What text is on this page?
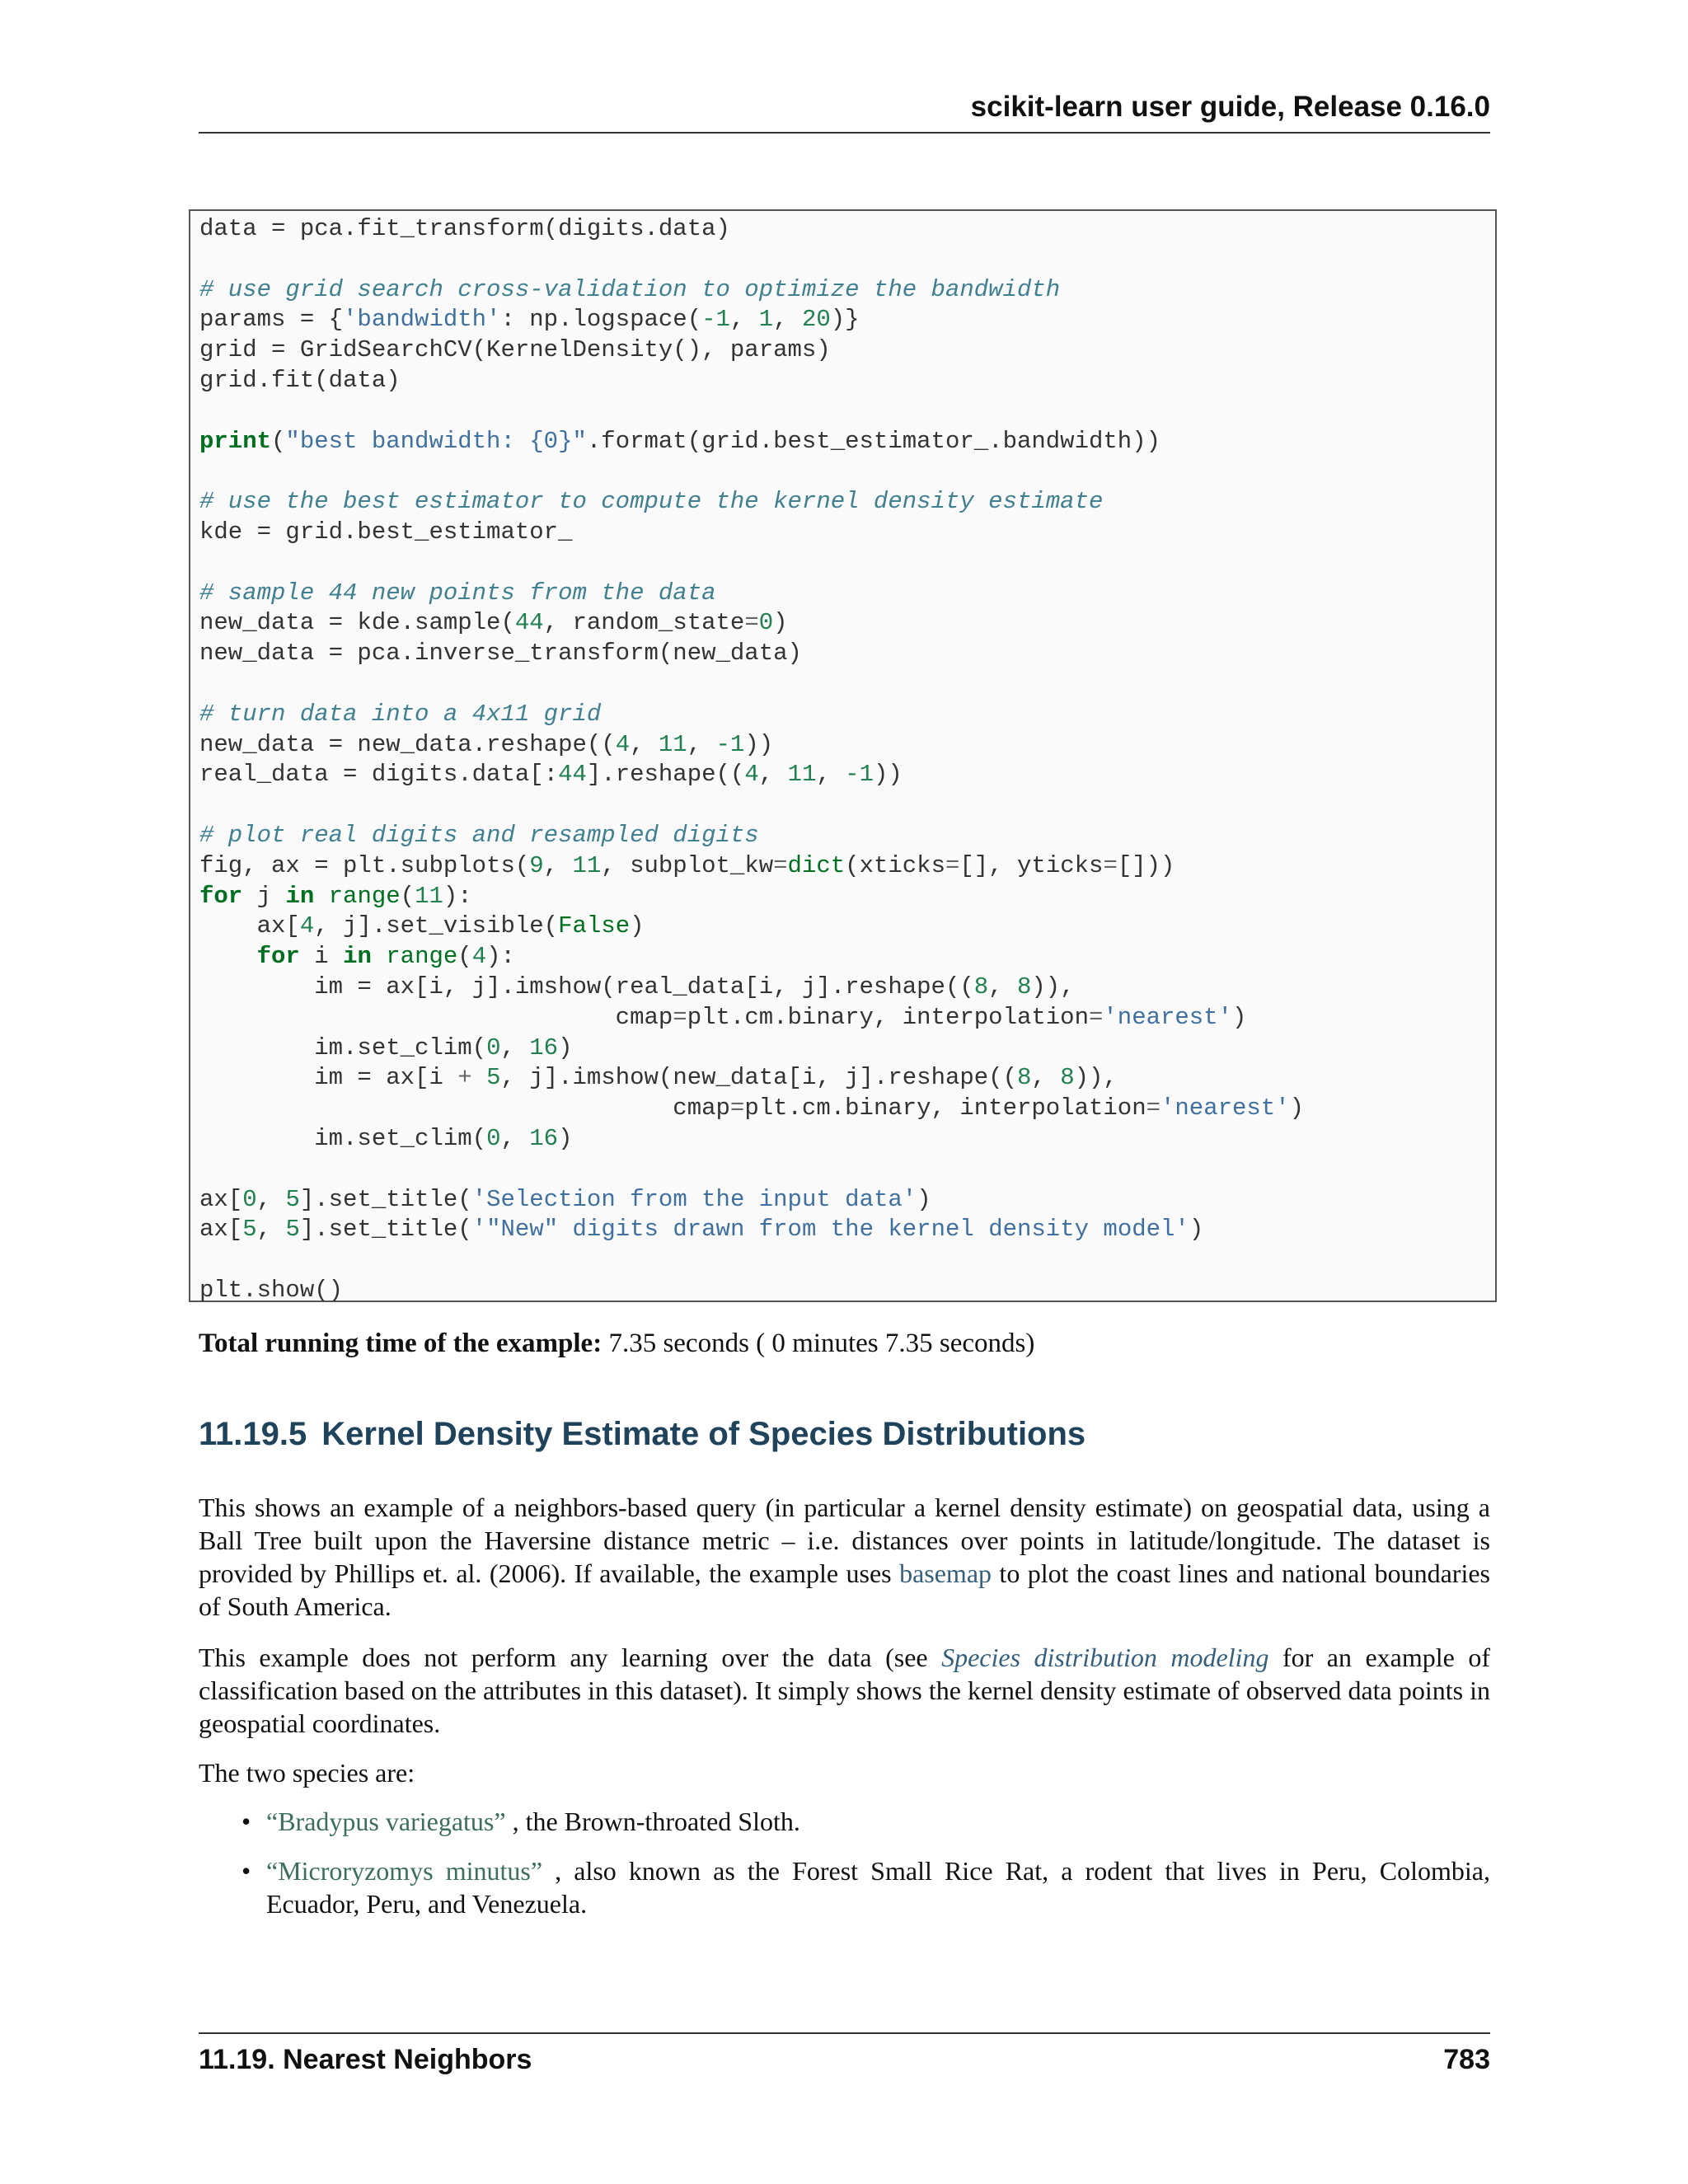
scikit-learn user guide, Release 0.16.0
data = pca.fit_transform(digits.data)
# use grid search cross-validation to optimize the bandwidth
params = {'bandwidth': np.logspace(-1, 1, 20)}
grid = GridSearchCV(KernelDensity(), params)
grid.fit(data)
print("best bandwidth: {0}".format(grid.best_estimator_.bandwidth))
# use the best estimator to compute the kernel density estimate
kde = grid.best_estimator_
# sample 44 new points from the data
new_data = kde.sample(44, random_state=0)
new_data = pca.inverse_transform(new_data)
# turn data into a 4x11 grid
new_data = new_data.reshape((4, 11, -1))
real_data = digits.data[:44].reshape((4, 11, -1))
# plot real digits and resampled digits
fig, ax = plt.subplots(9, 11, subplot_kw=dict(xticks=[], yticks=[]))
for j in range(11):
ax[4, j].set_visible(False)
for i in range(4):
im = ax[i, j].imshow(real_data[i, j].reshape((8, 8)),
cmap=plt.cm.binary, interpolation='nearest')
im.set_clim(0, 16)
im = ax[i + 5, j].imshow(new_data[i, j].reshape((8, 8)),
cmap=plt.cm.binary, interpolation='nearest')
im.set_clim(0, 16)
ax[0, 5].set_title('Selection from the input data')
ax[5, 5].set_title('"New" digits drawn from the kernel density model')
plt.show()
Total running time of the example: 7.35 seconds ( 0 minutes 7.35 seconds)
11.19.5 Kernel Density Estimate of Species Distributions

This shows an example of a neighbors-based query (in particular a kernel density estimate) on geospatial data, using a Ball Tree built upon the Haversine distance metric – i.e. distances over points in latitude/longitude. The dataset is provided by Phillips et. al. (2006). If available, the example uses basemap to plot the coast lines and national boundaries of South America.

This example does not perform any learning over the data (see Species distribution modeling for an example of classification based on the attributes in this dataset). It simply shows the kernel density estimate of observed data points in geospatial coordinates.

The two species are:

• “Bradypus variegatus” , the Brown-throated Sloth.
• “Microryzomys minutus” , also known as the Forest Small Rice Rat, a rodent that lives in Peru, Colombia, Ecuador, Peru, and Venezuela.
11.19. Nearest Neighbors	783
